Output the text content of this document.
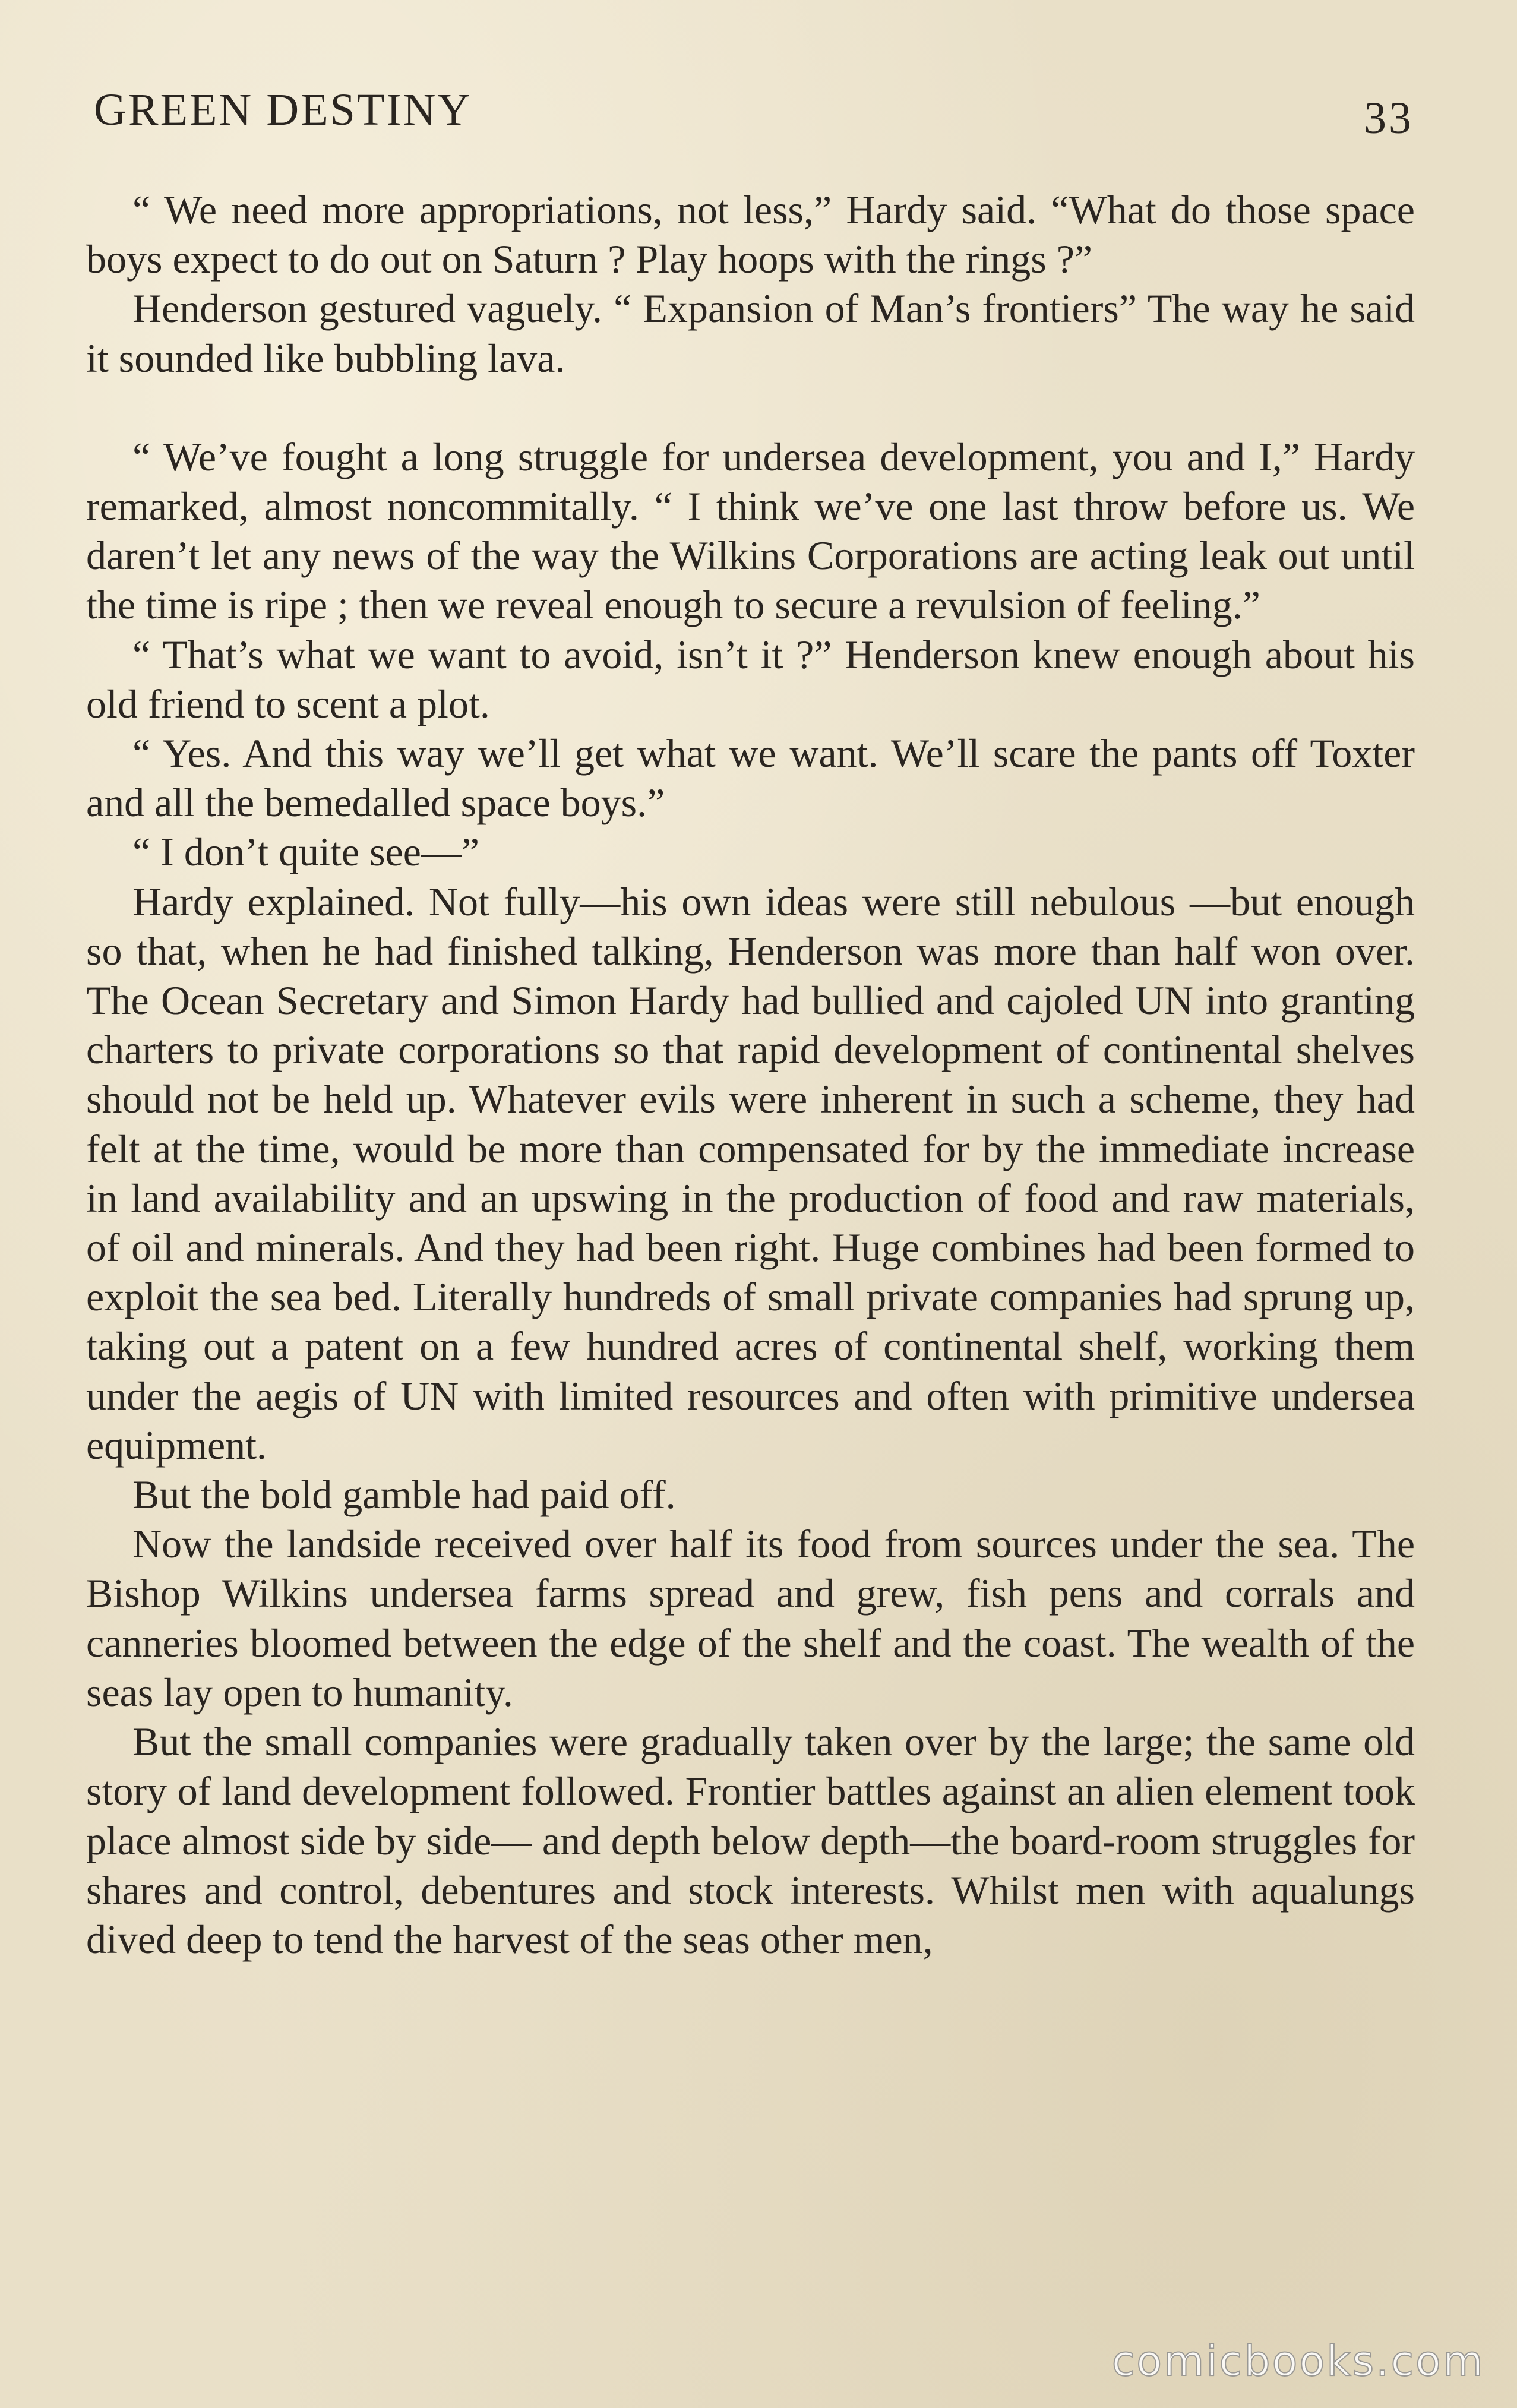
GREEN DESTINY	33

“ We need more appropriations, not less,” Hardy said. “What do those space boys expect to do out on Saturn ? Play hoops with the rings ?”

Henderson gestured vaguely. “ Expansion of Man’s frontiers” The way he said it sounded like bubbling lava.

“ We’ve fought a long struggle for undersea development, you and I,” Hardy remarked, almost noncommitally. “ I think we’ve one last throw before us. We daren’t let any news of the way the Wilkins Corporations are acting leak out until the time is ripe ; then we reveal enough to secure a revulsion of feeling.”

“ That’s what we want to avoid, isn’t it ?” Henderson knew enough about his old friend to scent a plot.

“ Yes. And this way we’ll get what we want. We’ll scare the pants off Toxter and all the bemedalled space boys.”

“ I don’t quite see—”

Hardy explained. Not fully—his own ideas were still nebulous —but enough so that, when he had finished talking, Henderson was more than half won over. The Ocean Secretary and Simon Hardy had bullied and cajoled UN into granting charters to private corporations so that rapid development of continental shelves should not be held up. Whatever evils were inherent in such a scheme, they had felt at the time, would be more than compensated for by the immediate increase in land availability and an upswing in the production of food and raw materials, of oil and minerals. And they had been right. Huge combines had been formed to exploit the sea bed. Literally hundreds of small private companies had sprung up, taking out a patent on a few hundred acres of continental shelf, working them under the aegis of UN with limited resources and often with primitive undersea equipment.

But the bold gamble had paid off.

Now the landside received over half its food from sources under the sea. The Bishop Wilkins undersea farms spread and grew, fish pens and corrals and canneries bloomed between the edge of the shelf and the coast. The wealth of the seas lay open to humanity.

But the small companies were gradually taken over by the large; the same old story of land development followed. Frontier battles against an alien element took place almost side by side— and depth below depth—the board-room struggles for shares and control, debentures and stock interests. Whilst men with aqualungs dived deep to tend the harvest of the seas other men,

comicbooks.com
